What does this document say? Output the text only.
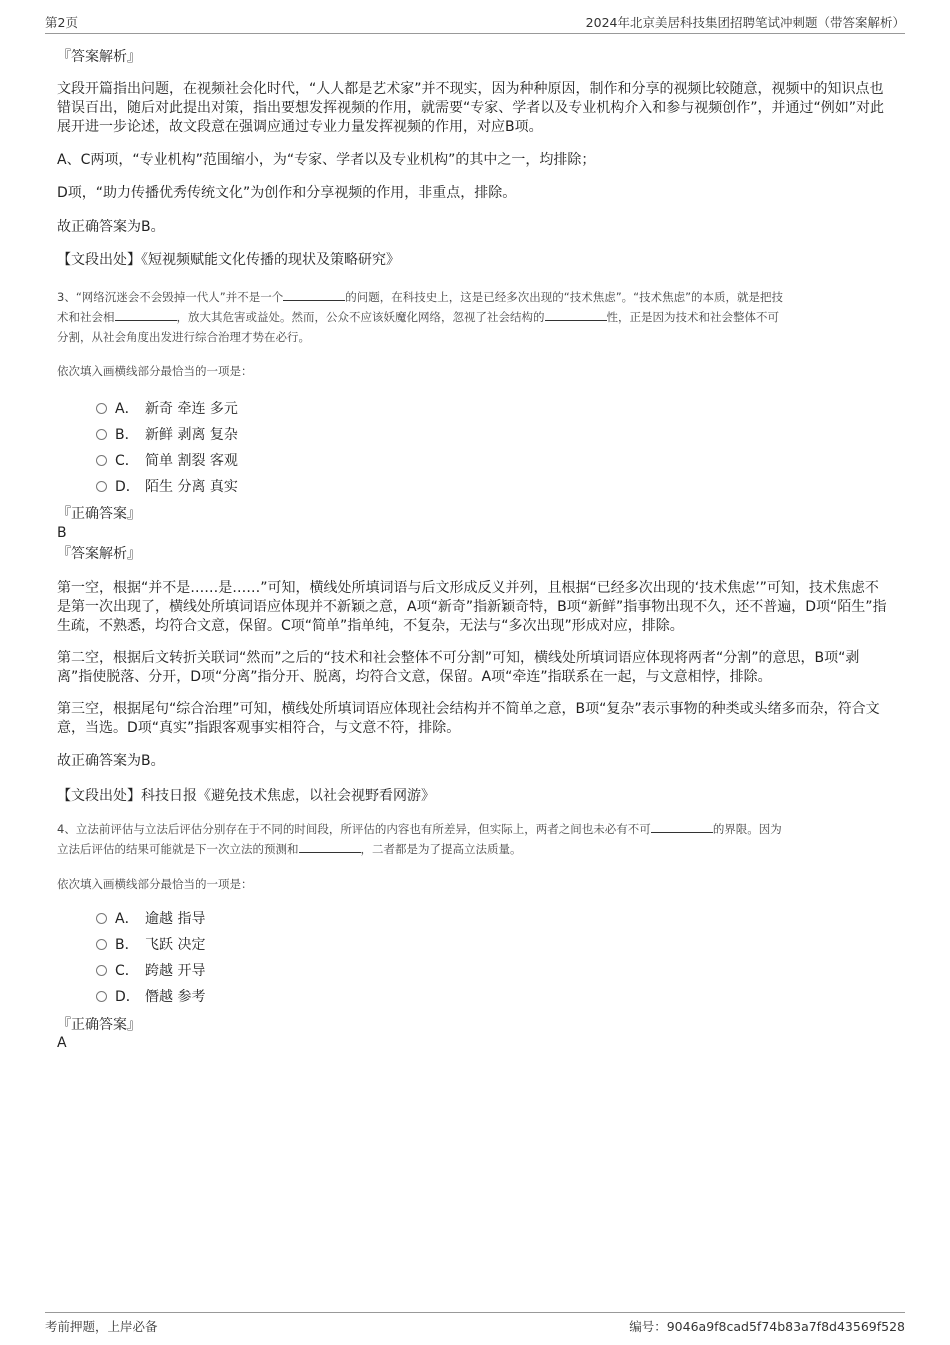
第2页	2024年北京美居科技集团招聘笔试冲刺题（带答案解析）
『答案解析』
文段开篇指出问题，在视频社会化时代，“人人都是艺术家”并不现实，因为种种原因，制作和分享的视频比较随意，视频中的知识点也错误百出，随后对此提出对策，指出要想发挥视频的作用，就需要“专家、学者以及专业机构介入和参与视频创作”，并通过“例如”对此展开进一步论述，故文段意在强调应通过专业力量发挥视频的作用，对应B项。
A、C两项，“专业机构”范围缩小，为“专家、学者以及专业机构”的其中之一，均排除；
D项，“助力传播优秀传统文化”为创作和分享视频的作用，非重点，排除。
故正确答案为B。
【文段出处】《短视频赋能文化传播的现状及策略研究》
3、“网络沉迷会不会毁掉一代人”并不是一个	的问题，在科技史上，这是已经多次出现的“技术焦虑”。“技术焦虑”的本质，就是把技
术和社会相	，放大其危害或益处。然而，公众不应该妖魔化网络，忽视了社会结构的	性，正是因为技术和社会整体不可
分割，从社会角度出发进行综合治理才势在必行。
依次填入画横线部分最恰当的一项是：
A． 新奇 牵连 多元
B． 新鲜 剥离 复杂
C． 简单 割裂 客观
D． 陌生 分离 真实
『正确答案』
B
『答案解析』
第一空，根据“并不是……是……”可知，横线处所填词语与后文形成反义并列，且根据“已经多次出现的‘技术焦虑’”可知，技术焦虑不是第一次出现了，横线处所填词语应体现并不新颖之意，A项“新奇”指新颖奇特，B项“新鲜”指事物出现不久，还不普遍，D项“陌生”指生疏，不熟悉，均符合文意，保留。C项“简单”指单纯，不复杂，无法与“多次出现”形成对应，排除。
第二空，根据后文转折关联词“然而”之后的“技术和社会整体不可分割”可知，横线处所填词语应体现将两者“分割”的意思，B项“剥离”指使脱落、分开，D项“分离”指分开、脱离，均符合文意，保留。A项“牵连”指联系在一起，与文意相悖，排除。
第三空，根据尾句“综合治理”可知，横线处所填词语应体现社会结构并不简单之意，B项“复杂”表示事物的种类或头绪多而杂，符合文意，当选。D项“真实”指跟客观事实相符合，与文意不符，排除。
故正确答案为B。
【文段出处】科技日报《避免技术焦虑，以社会视野看网游》
4、立法前评估与立法后评估分别存在于不同的时间段，所评估的内容也有所差异，但实际上，两者之间也未必有不可	的界限。因为
立法后评估的结果可能就是下一次立法的预测和	，二者都是为了提高立法质量。
依次填入画横线部分最恰当的一项是：
A． 逾越 指导
B． 飞跃 决定
C． 跨越 开导
D． 僭越 参考
『正确答案』
A
考前押题，上岸必备	编号：9046a9f8cad5f74b83a7f8d43569f528
